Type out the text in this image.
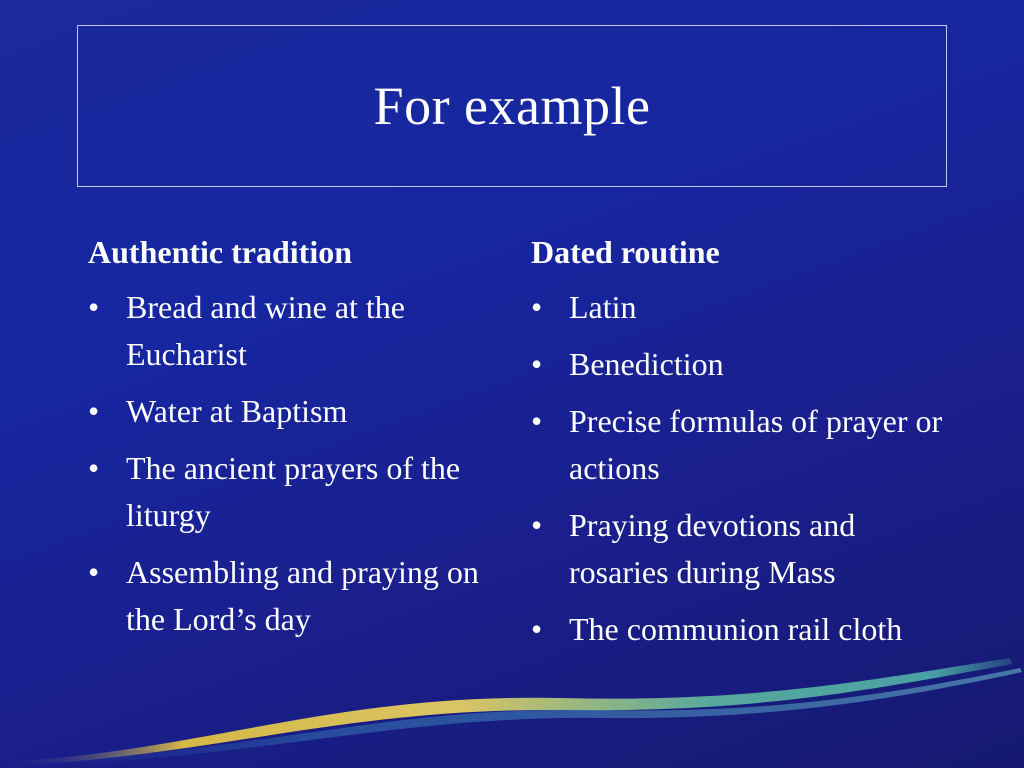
For example
Authentic tradition
• Bread and wine at the Eucharist
• Water at Baptism
• The ancient prayers of the liturgy
• Assembling and praying on the Lord’s day
Dated routine
• Latin
• Benediction
• Precise formulas of prayer or actions
• Praying devotions and rosaries during Mass
• The communion rail cloth
